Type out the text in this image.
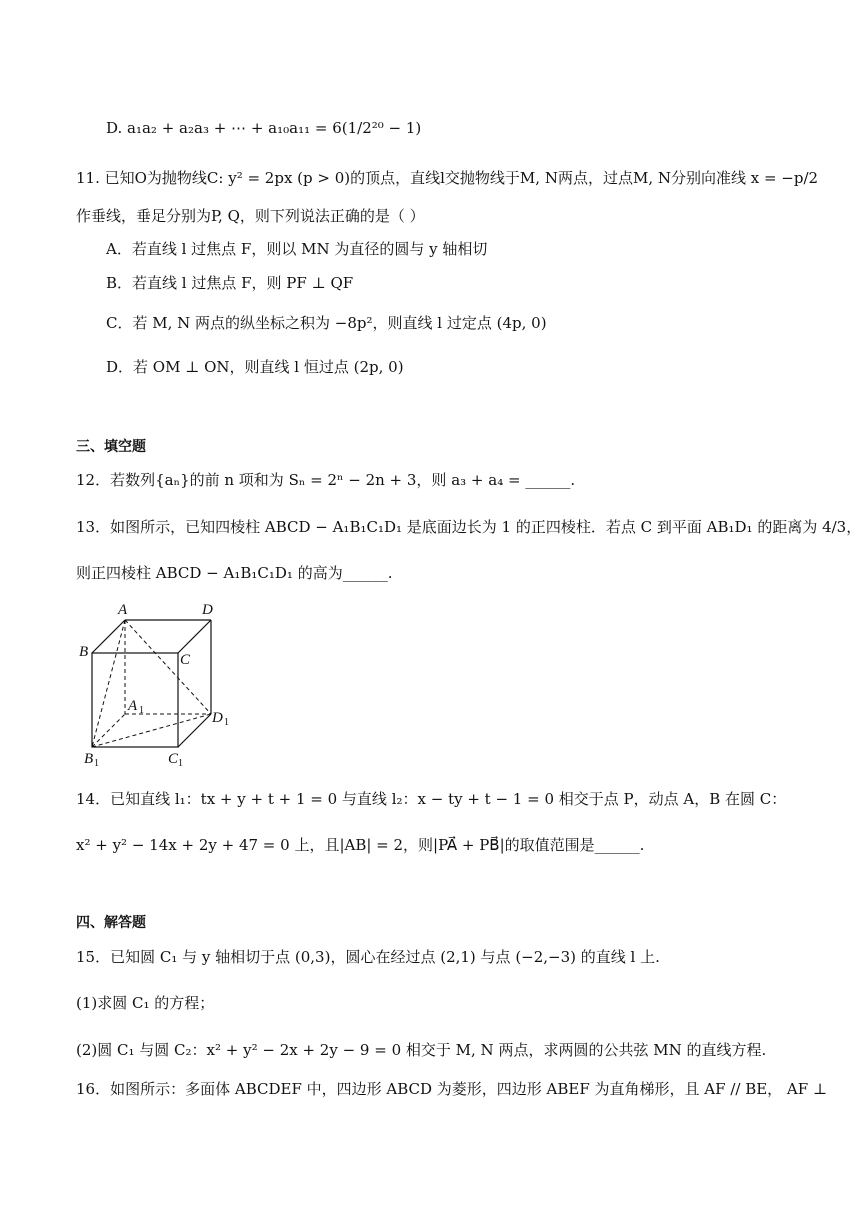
D. a₁a₂ + a₂a₃ + ⋯ + a₁₀a₁₁ = 6(1/2²⁰ − 1)
11. 已知O为抛物线C: y² = 2px (p > 0)的顶点，直线l交抛物线于M, N两点，过点M, N分别向准线 x = −p/2
作垂线，垂足分别为P, Q，则下列说法正确的是（ ）
A．若直线 l 过焦点 F，则以 MN 为直径的圆与 y 轴相切
B．若直线 l 过焦点 F，则 PF ⊥ QF
C．若 M, N 两点的纵坐标之积为 −8p²，则直线 l 过定点 (4p, 0)
D．若 OM ⊥ ON，则直线 l 恒过点 (2p, 0)
三、填空题
12．若数列{aₙ}的前 n 项和为 Sₙ = 2ⁿ − 2n + 3，则 a₃ + a₄ = ______.
13．如图所示，已知四棱柱 ABCD − A₁B₁C₁D₁ 是底面边长为 1 的正四棱柱．若点 C 到平面 AB₁D₁ 的距离为 4/3，
则正四棱柱 ABCD − A₁B₁C₁D₁ 的高为______.
A	D
B	C
A 1	D 1
B 1	C 1
14．已知直线 l₁：tx + y + t + 1 = 0 与直线 l₂：x − ty + t − 1 = 0 相交于点 P，动点 A，B 在圆 C：
x² + y² − 14x + 2y + 47 = 0 上，且|AB| = 2，则|PA⃗ + PB⃗|的取值范围是______.
四、解答题
15．已知圆 C₁ 与 y 轴相切于点 (0,3)，圆心在经过点 (2,1) 与点 (−2,−3) 的直线 l 上.
(1)求圆 C₁ 的方程；
(2)圆 C₁ 与圆 C₂：x² + y² − 2x + 2y − 9 = 0 相交于 M, N 两点，求两圆的公共弦 MN 的直线方程.
16．如图所示：多面体 ABCDEF 中，四边形 ABCD 为菱形，四边形 ABEF 为直角梯形，且 AF // BE， AF ⊥
